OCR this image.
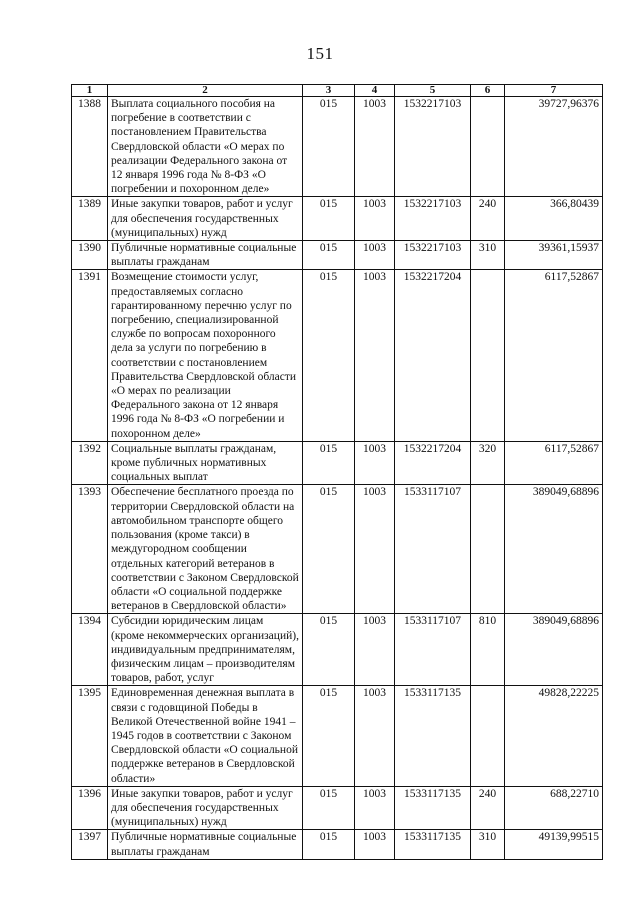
151
1	2	3	4	5	6	7
1388	Выплата социального пособия на погребение в соответствии с постановлением Правительства Свердловской области «О мерах по реализации Федерального закона от 12 января 1996 года № 8-ФЗ «О погребении и похоронном деле»	015	1003	1532217103		39727,96376
1389	Иные закупки товаров, работ и услуг для обеспечения государственных (муниципальных) нужд	015	1003	1532217103	240	366,80439
1390	Публичные нормативные социальные выплаты гражданам	015	1003	1532217103	310	39361,15937
1391	Возмещение стоимости услуг, предоставляемых согласно гарантированному перечню услуг по погребению, специализированной службе по вопросам похоронного дела за услуги по погребению в соответствии с постановлением Правительства Свердловской области «О мерах по реализации Федерального закона от 12 января 1996 года № 8-ФЗ «О погребении и похоронном деле»	015	1003	1532217204		6117,52867
1392	Социальные выплаты гражданам, кроме публичных нормативных социальных выплат	015	1003	1532217204	320	6117,52867
1393	Обеспечение бесплатного проезда по территории Свердловской области на автомобильном транспорте общего пользования (кроме такси) в междугородном сообщении отдельных категорий ветеранов в соответствии с Законом Свердловской области «О социальной поддержке ветеранов в Свердловской области»	015	1003	1533117107		389049,68896
1394	Субсидии юридическим лицам (кроме некоммерческих организаций), индивидуальным предпринимателям, физическим лицам – производителям товаров, работ, услуг	015	1003	1533117107	810	389049,68896
1395	Единовременная денежная выплата в связи с годовщиной Победы в Великой Отечественной войне 1941 – 1945 годов в соответствии с Законом Свердловской области «О социальной поддержке ветеранов в Свердловской области»	015	1003	1533117135		49828,22225
1396	Иные закупки товаров, работ и услуг для обеспечения государственных (муниципальных) нужд	015	1003	1533117135	240	688,22710
1397	Публичные нормативные социальные выплаты гражданам	015	1003	1533117135	310	49139,99515
